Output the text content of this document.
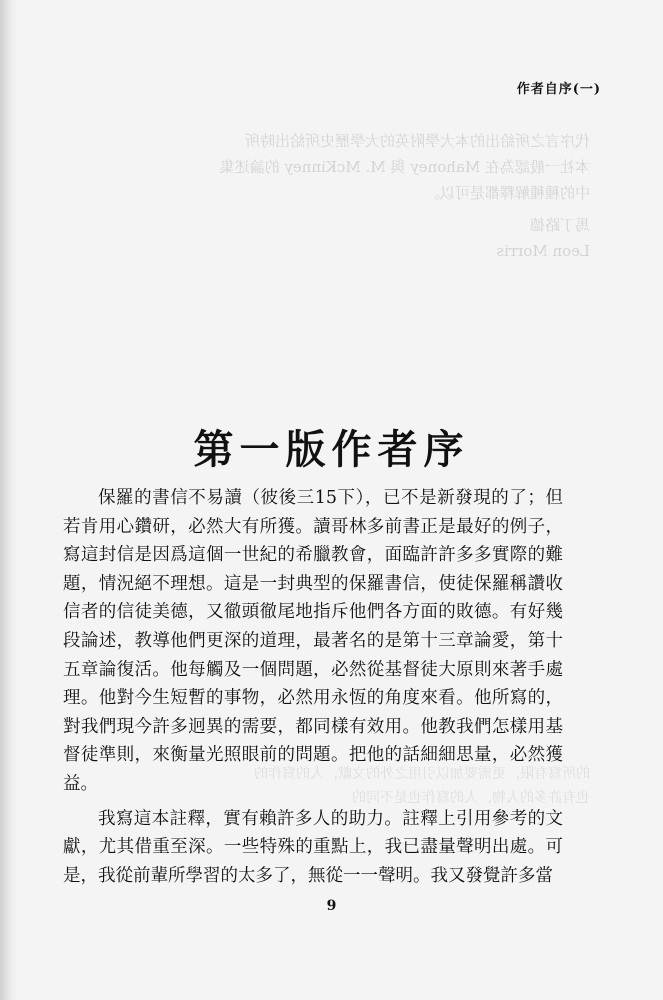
作者自序(一)
代序言之所給出的本大學附英的大學歷史所給出時所
本社一般認為在 Mahoney 與 M. McKinney 的論述集
中的種種解釋都是可以。
馬丁路德
Leon Morris
的所寫有限，更需要加以引用之外的文獻，人的寫作的
也有許多的人物，人的寫作也是不同的
第一版作者序

保羅的書信不易讀（彼後三15下），已不是新發現的了；但若肯用心鑽研，必然大有所獲。讀哥林多前書正是最好的例子，寫這封信是因爲這個一世紀的希臘教會，面臨許許多多實際的難題，情況絕不理想。這是一封典型的保羅書信，使徒保羅稱讚收信者的信徒美德，又徹頭徹尾地指斥他們各方面的敗德。有好幾段論述，教導他們更深的道理，最著名的是第十三章論愛，第十五章論復活。他每觸及一個問題，必然從基督徒大原則來著手處理。他對今生短暫的事物，必然用永恆的角度來看。他所寫的，對我們現今許多迥異的需要，都同樣有效用。他教我們怎樣用基督徒準則，來衡量光照眼前的問題。把他的話細細思量，必然獲益。

我寫這本註釋，實有賴許多人的助力。註釋上引用參考的文獻，尤其借重至深。一些特殊的重點上，我已盡量聲明出處。可是，我從前輩所學習的太多了，無從一一聲明。我又發覺許多當

9
